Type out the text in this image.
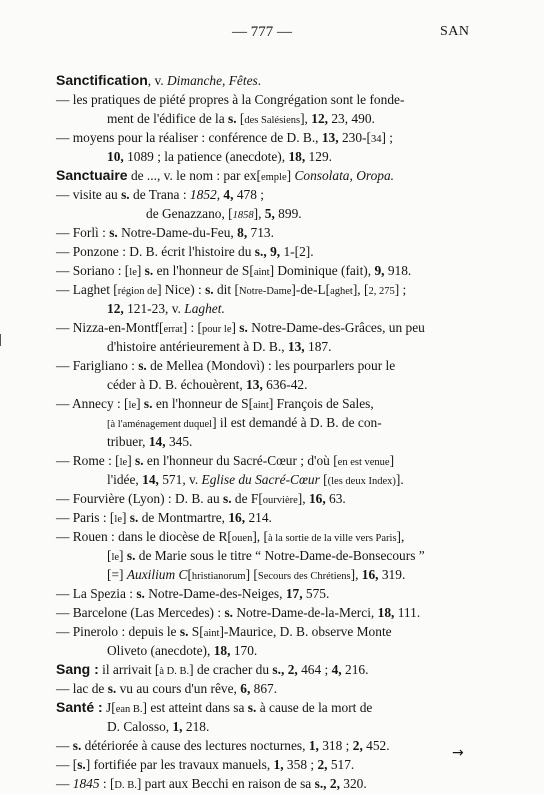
— 777 —	SAN
Sanctification, v. Dimanche, Fêtes.
— les pratiques de piété propres à la Congrégation sont le fonde-
ment de l'édifice de la s. [des Salésiens], 12, 23, 490.
— moyens pour la réaliser : conférence de D. B., 13, 230-[34] ;
10, 1089 ; la patience (anecdote), 18, 129.
Sanctuaire de ..., v. le nom : par ex[emple] Consolata, Oropa.
— visite au s. de Trana : 1852, 4, 478 ;
de Genazzano, [1858], 5, 899.
— Forlì : s. Notre-Dame-du-Feu, 8, 713.
— Ponzone : D. B. écrit l'histoire du s., 9, 1-[2].
— Soriano : [le] s. en l'honneur de S[aint] Dominique (fait), 9, 918.
— Laghet [région de] Nice) : s. dit [Notre-Dame]-de-L[aghet], [2, 275] ;
12, 121-23, v. Laghet.
— Nizza-en-Montf[errat] : [pour le] s. Notre-Dame-des-Grâces, un peu
d'histoire antérieurement à D. B., 13, 187.
— Farigliano : s. de Mellea (Mondovì) : les pourparlers pour le
céder à D. B. échouèrent, 13, 636-42.
— Annecy : [le] s. en l'honneur de S[aint] François de Sales,
[à l'aménagement duquel] il est demandé à D. B. de con-
tribuer, 14, 345.
— Rome : [le] s. en l'honneur du Sacré-Cœur ; d'où [en est venue]
l'idée, 14, 571, v. Eglise du Sacré-Cœur [(les deux Index)].
— Fourvière (Lyon) : D. B. au s. de F[ourvière], 16, 63.
— Paris : [le] s. de Montmartre, 16, 214.
— Rouen : dans le diocèse de R[ouen], [à la sortie de la ville vers Paris],
[le] s. de Marie sous le titre “ Notre-Dame-de-Bonsecours ”
[=] Auxilium C[hristianorum] [Secours des Chrétiens], 16, 319.
— La Spezia : s. Notre-Dame-des-Neiges, 17, 575.
— Barcelone (Las Mercedes) : s. Notre-Dame-de-la-Merci, 18, 111.
— Pinerolo : depuis le s. S[aint]-Maurice, D. B. observe Monte
Oliveto (anecdote), 18, 170.
Sang : il arrivait [à D. B.] de cracher du s., 2, 464 ; 4, 216.
— lac de s. vu au cours d'un rêve, 6, 867.
Santé : J[ean B.] est atteint dans sa s. à cause de la mort de
D. Calosso, 1, 218.
— s. détériorée à cause des lectures nocturnes, 1, 318 ; 2, 452.
— [s.] fortifiée par les travaux manuels, 1, 358 ; 2, 517.
— 1845 : [D. B.] part aux Becchi en raison de sa s., 2, 320.
→
